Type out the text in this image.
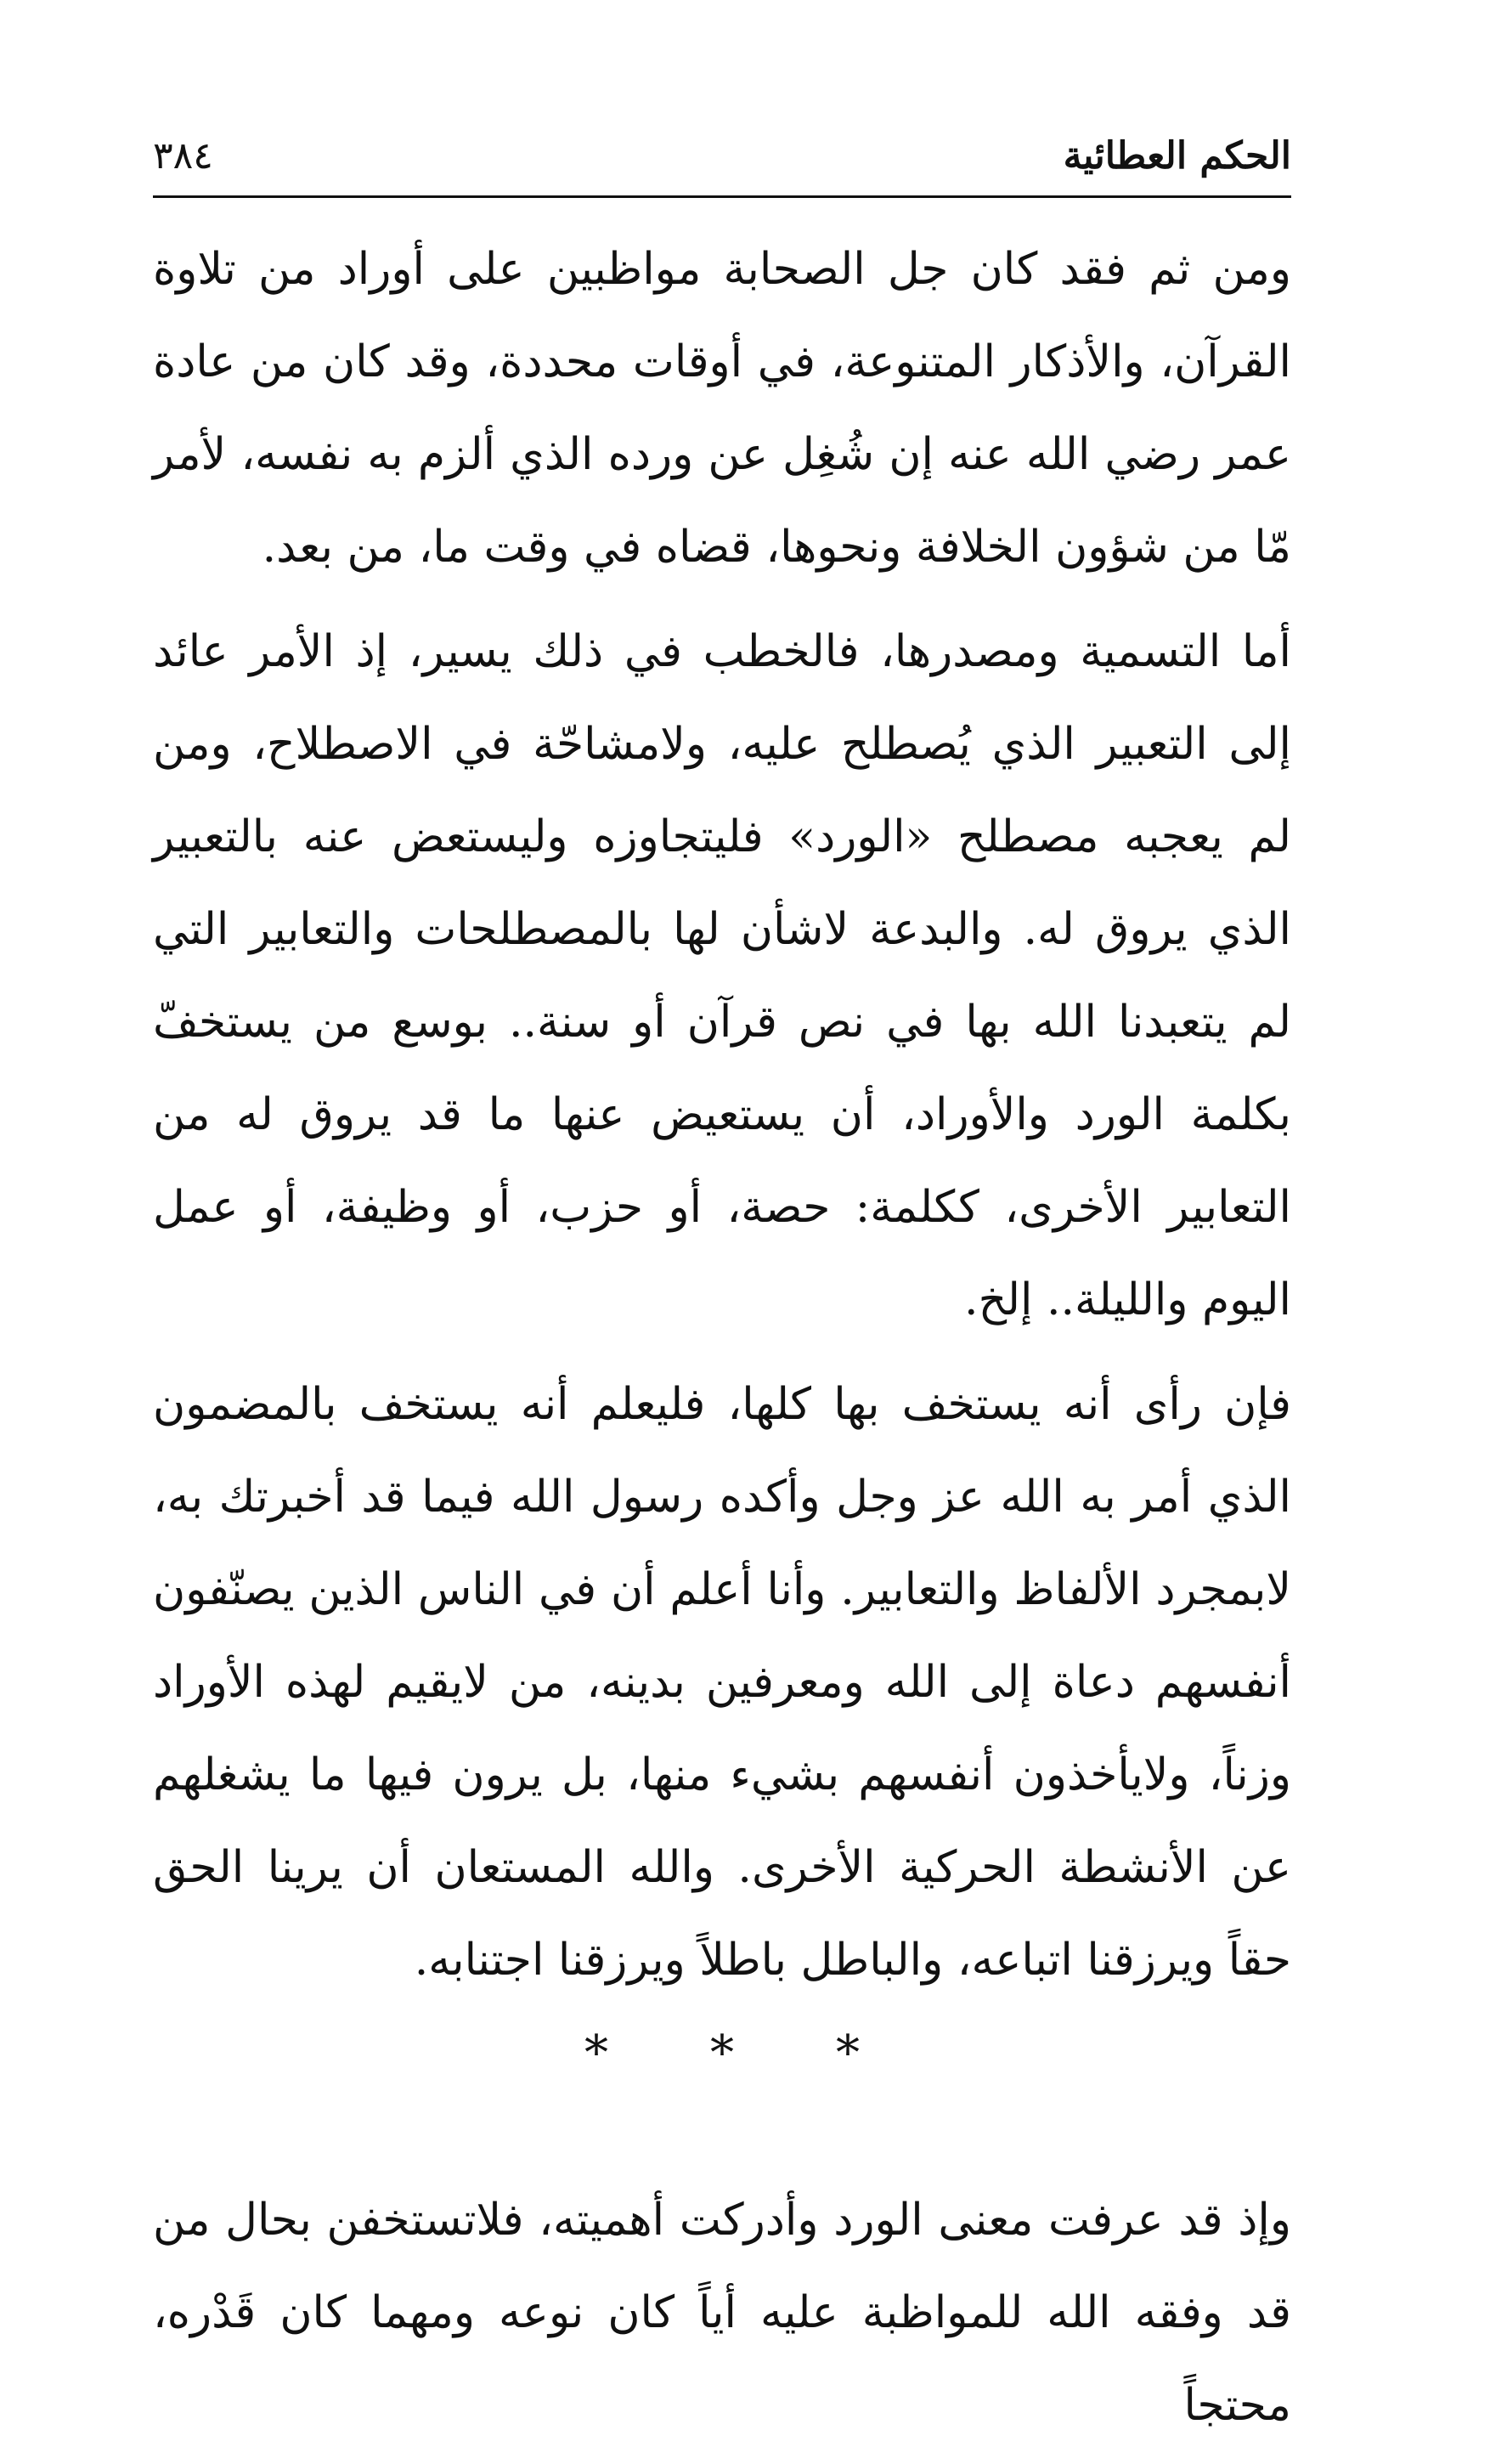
الحكم العطائية
٣٨٤

ومن ثم فقد كان جل الصحابة مواظبين على أوراد من تلاوة القرآن، والأذكار المتنوعة، في أوقات محددة، وقد كان من عادة عمر رضي الله عنه إن شُغِل عن ورده الذي ألزم به نفسه، لأمر مّا من شؤون الخلافة ونحوها، قضاه في وقت ما، من بعد.

أما التسمية ومصدرها، فالخطب في ذلك يسير، إذ الأمر عائد إلى التعبير الذي يُصطلح عليه، ولامشاحّة في الاصطلاح، ومن لم يعجبه مصطلح «الورد» فليتجاوزه وليستعض عنه بالتعبير الذي يروق له. والبدعة لاشأن لها بالمصطلحات والتعابير التي لم يتعبدنا الله بها في نص قرآن أو سنة.. بوسع من يستخفّ بكلمة الورد والأوراد، أن يستعيض عنها ما قد يروق له من التعابير الأخرى، ككلمة: حصة، أو حزب، أو وظيفة، أو عمل اليوم والليلة.. إلخ.

فإن رأى أنه يستخف بها كلها، فليعلم أنه يستخف بالمضمون الذي أمر به الله عز وجل وأكده رسول الله فيما قد أخبرتك به، لابمجرد الألفاظ والتعابير. وأنا أعلم أن في الناس الذين يصنّفون أنفسهم دعاة إلى الله ومعرفين بدينه، من لايقيم لهذه الأوراد وزناً، ولايأخذون أنفسهم بشيء منها، بل يرون فيها ما يشغلهم عن الأنشطة الحركية الأخرى. والله المستعان أن يرينا الحق حقاً ويرزقنا اتباعه، والباطل باطلاً ويرزقنا اجتنابه.

* * *

وإذ قد عرفت معنى الورد وأدركت أهميته، فلاتستخفن بحال من قد وفقه الله للمواظبة عليه أياً كان نوعه ومهما كان قَدْره، محتجاً
